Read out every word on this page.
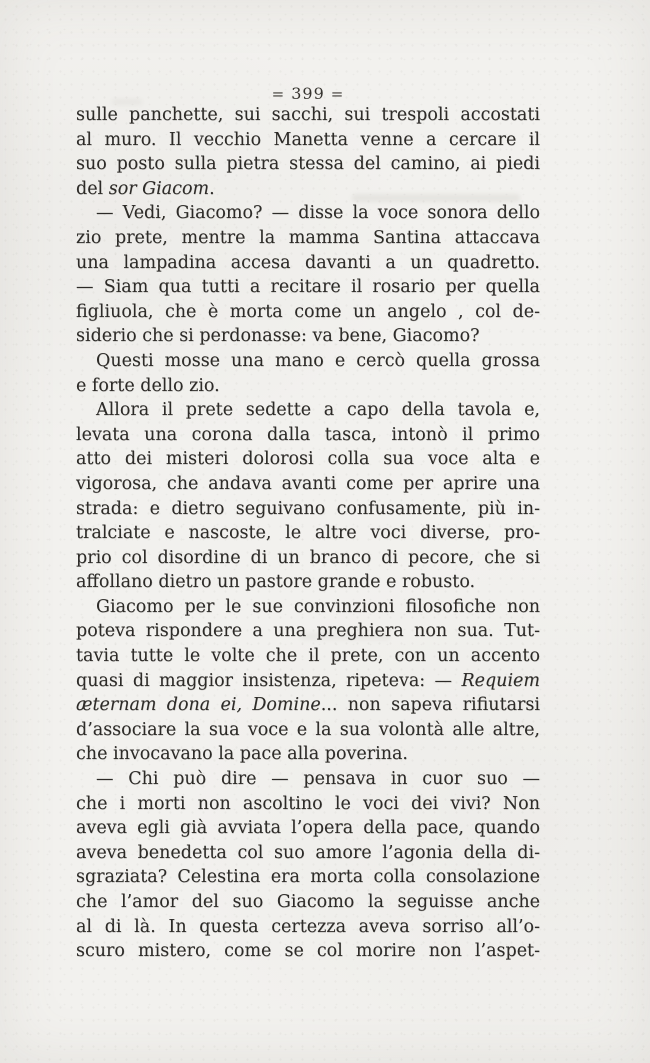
= 399 =
sulle panchette, sui sacchi, sui trespoli accostati
al muro. Il vecchio Manetta venne a cercare il
suo posto sulla pietra stessa del camino, ai piedi
del sor Giacom.
— Vedi, Giacomo? — disse la voce sonora dello
zio prete, mentre la mamma Santina attaccava
una lampadina accesa davanti a un quadretto.
— Siam qua tutti a recitare il rosario per quella
figliuola, che è morta come un angelo , col de-
siderio che si perdonasse: va bene, Giacomo?
Questi mosse una mano e cercò quella grossa
e forte dello zio.
Allora il prete sedette a capo della tavola e,
levata una corona dalla tasca, intonò il primo
atto dei misteri dolorosi colla sua voce alta e
vigorosa, che andava avanti come per aprire una
strada: e dietro seguivano confusamente, più in-
tralciate e nascoste, le altre voci diverse, pro-
prio col disordine di un branco di pecore, che si
affollano dietro un pastore grande e robusto.
Giacomo per le sue convinzioni filosofiche non
poteva rispondere a una preghiera non sua. Tut-
tavia tutte le volte che il prete, con un accento
quasi di maggior insistenza, ripeteva: — Requiem
æternam dona ei, Domine... non sapeva rifiutarsi
d’associare la sua voce e la sua volontà alle altre,
che invocavano la pace alla poverina.
— Chi può dire — pensava in cuor suo —
che i morti non ascoltino le voci dei vivi? Non
aveva egli già avviata l’opera della pace, quando
aveva benedetta col suo amore l’agonia della di-
sgraziata? Celestina era morta colla consolazione
che l’amor del suo Giacomo la seguisse anche
al di là. In questa certezza aveva sorriso all’o-
scuro mistero, come se col morire non l’aspet-
